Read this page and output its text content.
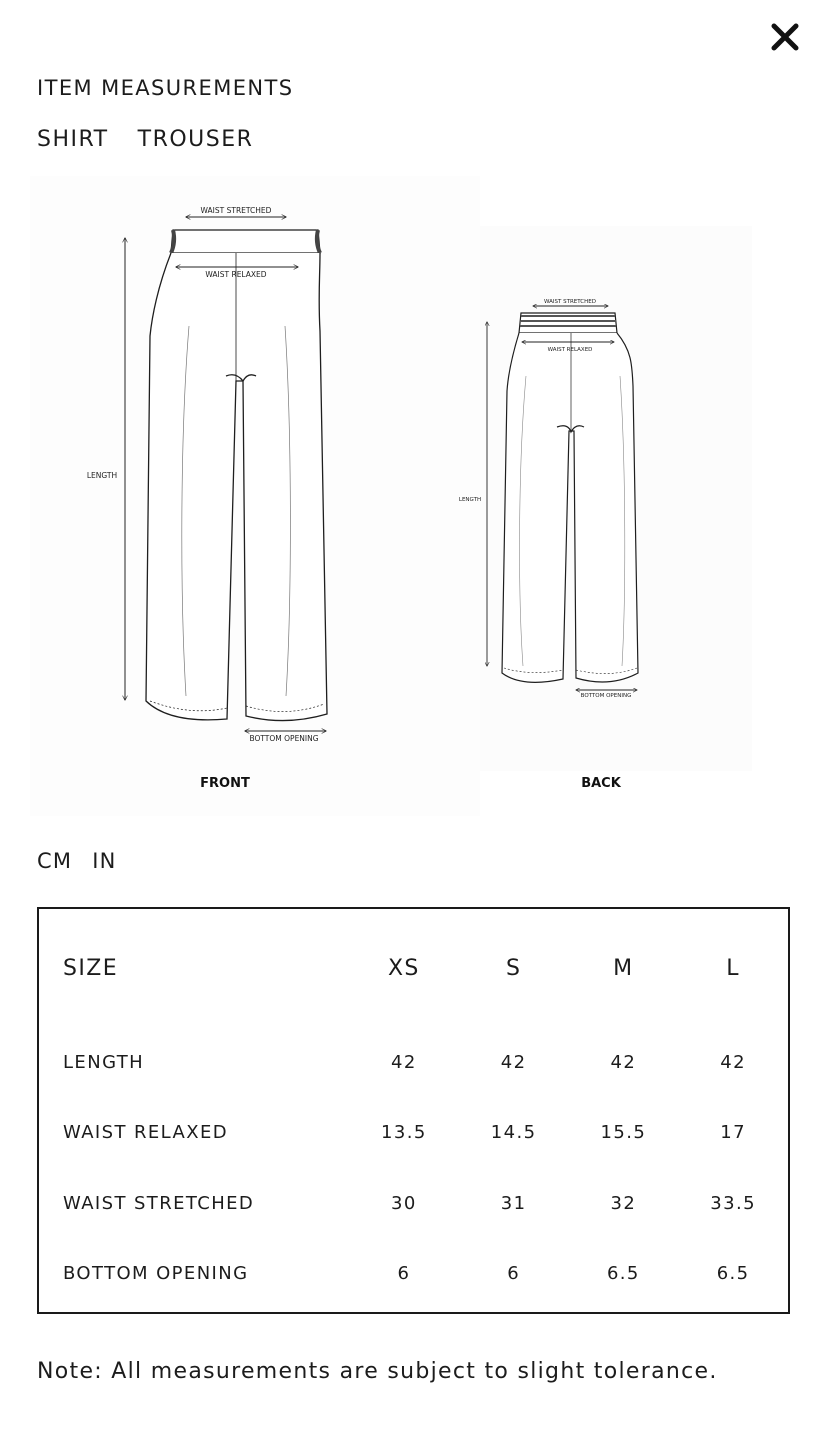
ITEM MEASUREMENTS
SHIRT TROUSER
WAIST STRETCHED
WAIST RELAXED
LENGTH
BOTTOM OPENING
FRONT
WAIST STRETCHED
WAIST RELAXED
LENGTH
BOTTOM OPENING
BACK
CM IN
SIZE	XS	S	M	L
LENGTH	42	42	42	42
WAIST RELAXED	13.5	14.5	15.5	17
WAIST STRETCHED	30	31	32	33.5
BOTTOM OPENING	6	6	6.5	6.5

Note: All measurements are subject to slight tolerance.
